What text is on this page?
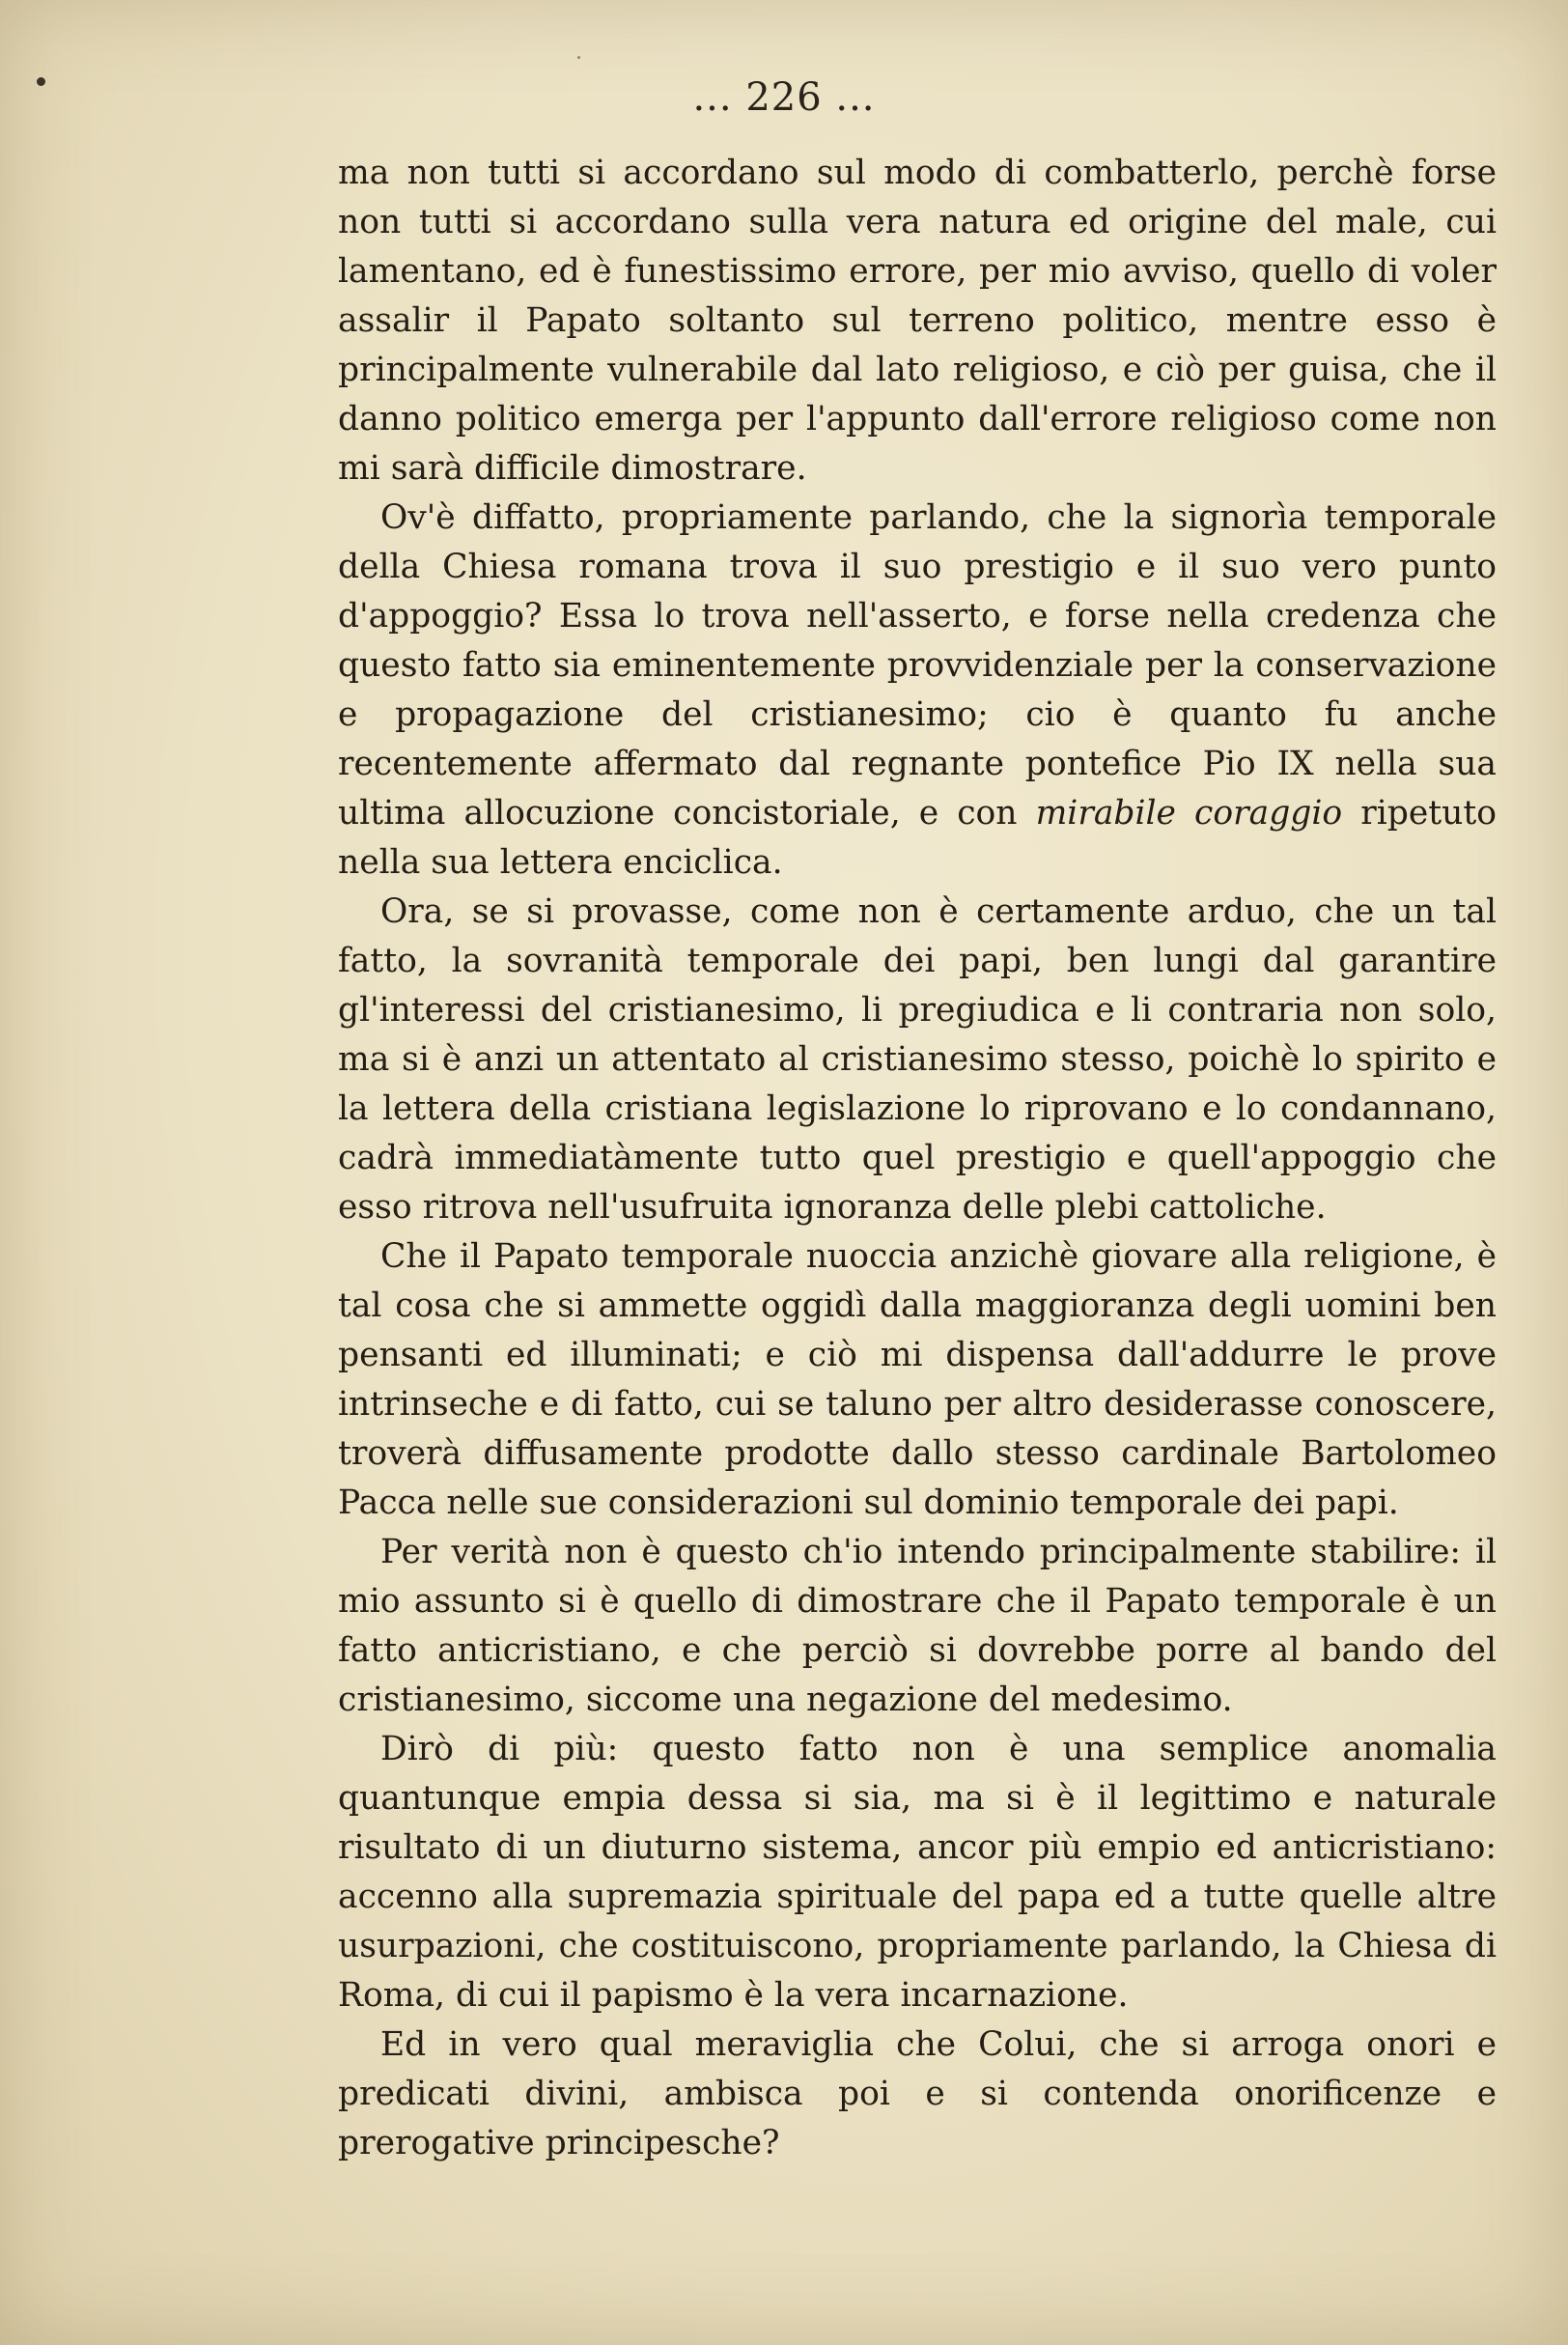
... 226 ...

ma non tutti si accordano sul modo di combatterlo, perchè forse non tutti si accordano sulla vera natura ed origine del male, cui lamentano, ed è funestissimo errore, per mio avviso, quello di voler assalir il Papato soltanto sul terreno politico, mentre esso è principalmente vulnerabile dal lato religioso, e ciò per guisa, che il danno politico emerga per l'appunto dall'errore religioso come non mi sarà difficile dimostrare.

Ov'è diffatto, propriamente parlando, che la signorìa temporale della Chiesa romana trova il suo prestigio e il suo vero punto d'appoggio? Essa lo trova nell'asserto, e forse nella credenza che questo fatto sia eminentemente provvidenziale per la conservazione e propagazione del cristianesimo; cio è quanto fu anche recentemente affermato dal regnante pontefice Pio IX nella sua ultima allocuzione concistoriale, e con mirabile coraggio ripetuto nella sua lettera enciclica.

Ora, se si provasse, come non è certamente arduo, che un tal fatto, la sovranità temporale dei papi, ben lungi dal garantire gl'interessi del cristianesimo, li pregiudica e li contraria non solo, ma si è anzi un attentato al cristianesimo stesso, poichè lo spirito e la lettera della cristiana legislazione lo riprovano e lo condannano, cadrà immediatàmente tutto quel prestigio e quell'appoggio che esso ritrova nell'usufruita ignoranza delle plebi cattoliche.

Che il Papato temporale nuoccia anzichè giovare alla religione, è tal cosa che si ammette oggidì dalla maggioranza degli uomini ben pensanti ed illuminati; e ciò mi dispensa dall'addurre le prove intrinseche e di fatto, cui se taluno per altro desiderasse conoscere, troverà diffusamente prodotte dallo stesso cardinale Bartolomeo Pacca nelle sue considerazioni sul dominio temporale dei papi.

Per verità non è questo ch'io intendo principalmente stabilire: il mio assunto si è quello di dimostrare che il Papato temporale è un fatto anticristiano, e che perciò si dovrebbe porre al bando del cristianesimo, siccome una negazione del medesimo.

Dirò di più: questo fatto non è una semplice anomalia quantunque empia dessa si sia, ma si è il legittimo e naturale risultato di un diuturno sistema, ancor più empio ed anticristiano: accenno alla supremazia spirituale del papa ed a tutte quelle altre usurpazioni, che costituiscono, propriamente parlando, la Chiesa di Roma, di cui il papismo è la vera incarnazione.

Ed in vero qual meraviglia che Colui, che si arroga onori e predicati divini, ambisca poi e si contenda onorificenze e prerogative principesche?
